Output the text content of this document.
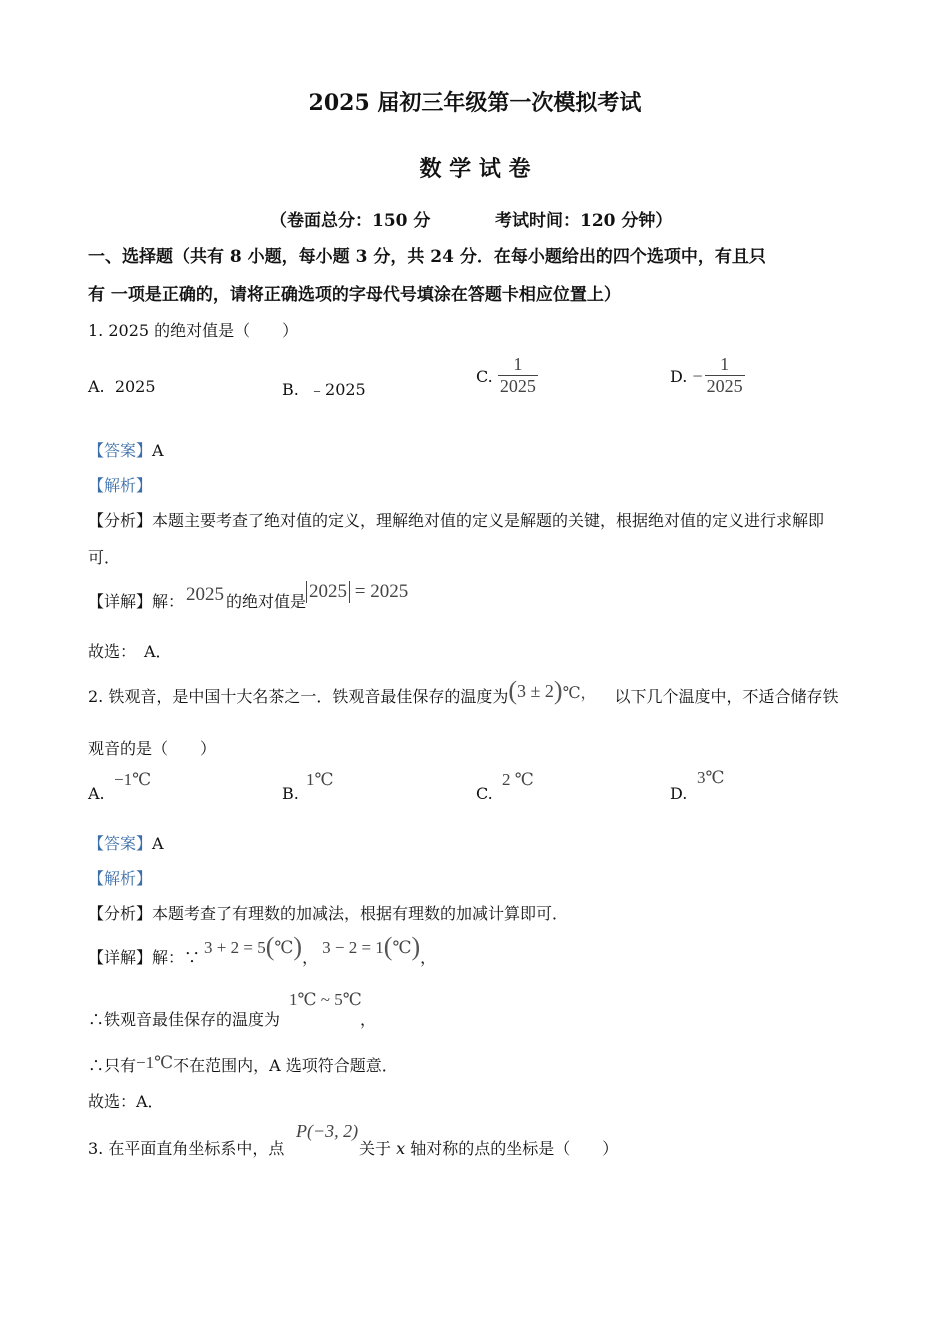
2025 届初三年级第一次模拟考试
数 学 试 卷
（卷面总分：150 分	考试时间：120 分钟）
一、选择题（共有 8 小题，每小题 3 分，共 24 分．在每小题给出的四个选项中，有且只
有 一项是正确的，请将正确选项的字母代号填涂在答题卡相应位置上）
1. 2025 的绝对值是（　　）
A. 2025	B. ﹣2025
C.
$\frac{1}{2025}$	D.
− $\frac{1}{2025}$
【答案】A
【解析】
【分析】本题主要考查了绝对值的定义，理解绝对值的定义是解题的关键，根据绝对值的定义进行求解即
可．
【详解】 解： 2025 的绝对值是 2025 = 2025
故选：　A．
2. 铁观音，是中国十大名茶之一．铁观音最佳保存的温度为 (3 ± 2) ℃， 以下几个温度中，不适合储存铁
观音的是（　　）
A.
−1℃
B.
1℃
C.
2 ℃
D.
3℃
【答案】A
【解析】
【分析】本题考查了有理数的加减法，根据有理数的加减计算即可．
【详解】 解：∵
3 + 2 = 5(℃) ，
3 − 2 = 1(℃) ，
∴铁观音最佳保存的温度为
1℃ ~ 5℃
，
∴只有 −1℃ 不在范围内，A 选项符合题意．
故选：A．
3. 在平面直角坐标系中，点
P(−3, 2)
关于 x 轴对称的点的坐标是（　　）
